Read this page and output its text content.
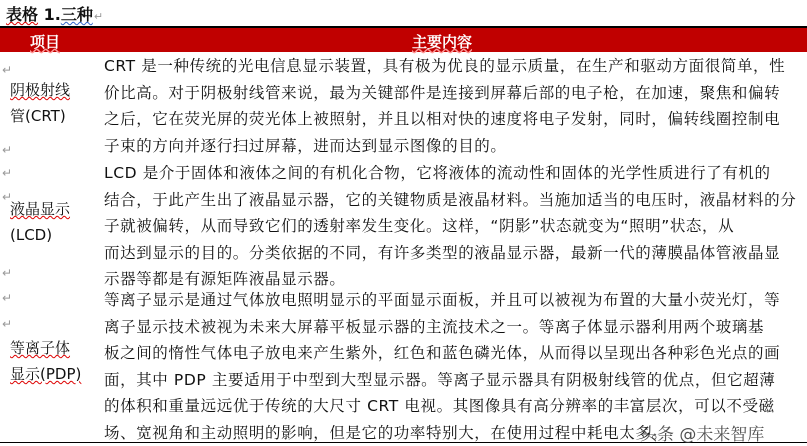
表格 1.三种↵
项目	主要内容
↵
↵
阴极射线
管(CRT)
CRT 是一种传统的光电信息显示装置，具有极为优良的显示质量，在生产和驱动方面很简单，性
价比高。对于阴极射线管来说，最为关键部件是连接到屏幕后部的电子枪，在加速，聚焦和偏转
之后，它在荧光屏的荧光体上被照射，并且以相对快的速度将电子发射，同时，偏转线圈控制电
子束的方向并逐行扫过屏幕，进而达到显示图像的目的。
↵
↵
↵
液晶显示
(LCD)
LCD 是介于固体和液体之间的有机化合物，它将液体的流动性和固体的光学性质进行了有机的
结合，于此产生出了液晶显示器，它的关键物质是液晶材料。当施加适当的电压时，液晶材料的分
子就被偏转，从而导致它们的透射率发生变化。这样，“阴影”状态就变为“照明”状态，从
而达到显示的目的。分类依据的不同，有许多类型的液晶显示器，最新一代的薄膜晶体管液晶显
示器等都是有源矩阵液晶显示器。
↵
↵
等离子体
显示(PDP)
等离子显示是通过气体放电照明显示的平面显示面板，并且可以被视为布置的大量小荧光灯，等
离子显示技术被视为未来大屏幕平板显示器的主流技术之一。等离子体显示器利用两个玻璃基
板之间的惰性气体电子放电来产生紫外，红色和蓝色磷光体，从而得以呈现出各种彩色光点的画
面，其中 PDP 主要适用于中型到大型显示器。等离子显示器具有阴极射线管的优点，但它超薄
的体积和重量远远优于传统的大尺寸 CRT 电视。其图像具有高分辨率的丰富层次，可以不受磁
场、宽视角和主动照明的影响，但是它的功率特别大，在使用过程中耗电太多。
头条 @未来智库
